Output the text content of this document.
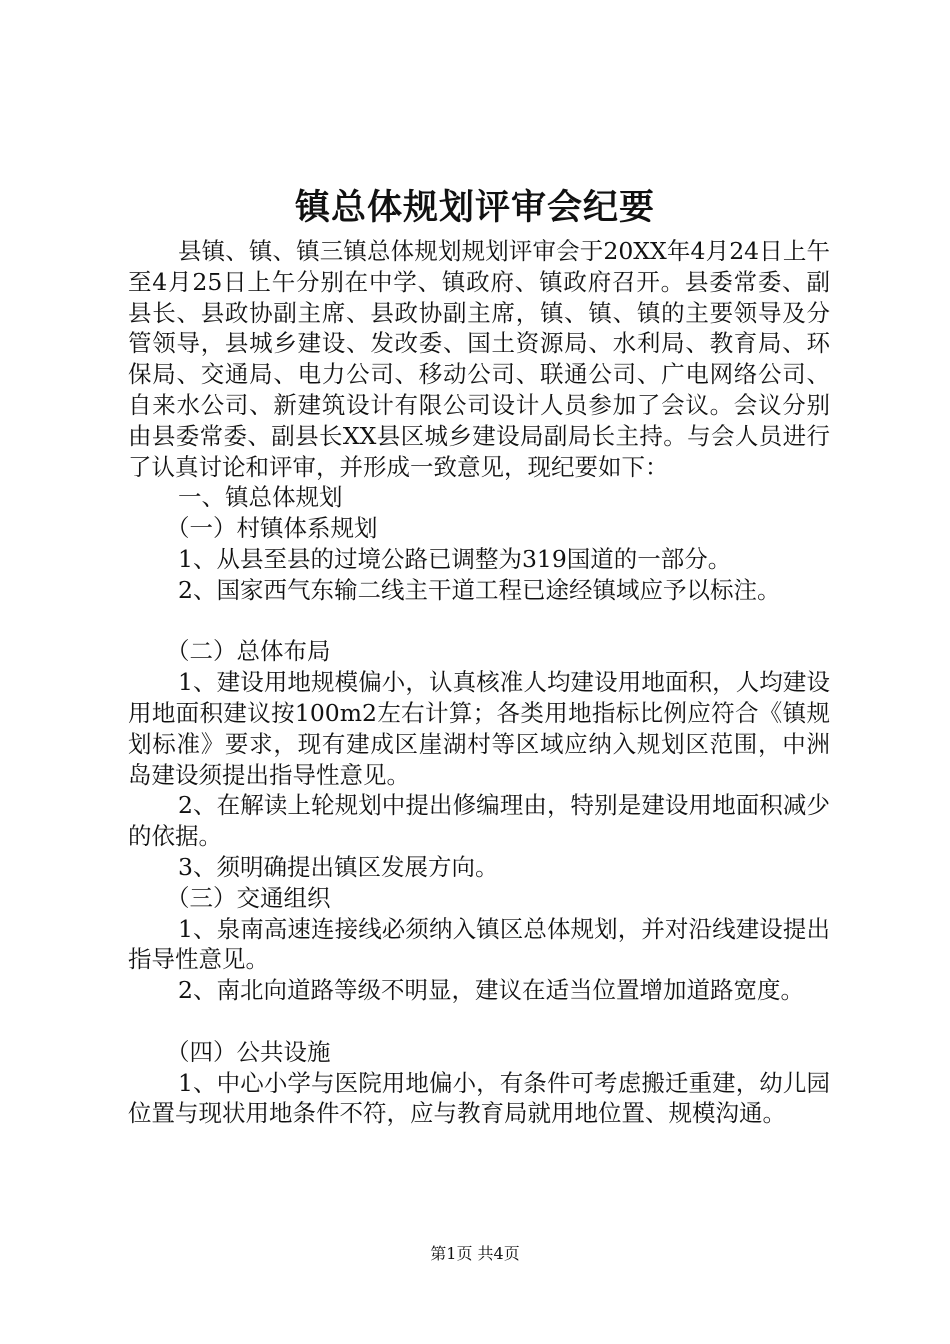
镇总体规划评审会纪要

县镇、镇、镇三镇总体规划规划评审会于20XX年4月24日上午至4月25日上午分别在中学、镇政府、镇政府召开。县委常委、副县长、县政协副主席、县政协副主席，镇、镇、镇的主要领导及分管领导，县城乡建设、发改委、国土资源局、水利局、教育局、环保局、交通局、电力公司、移动公司、联通公司、广电网络公司、自来水公司、新建筑设计有限公司设计人员参加了会议。会议分别由县委常委、副县长XX县区城乡建设局副局长主持。与会人员进行了认真讨论和评审，并形成一致意见，现纪要如下：

一、镇总体规划

（一）村镇体系规划

1、从县至县的过境公路已调整为319国道的一部分。

2、国家西气东输二线主干道工程已途经镇域应予以标注。

（二）总体布局

1、建设用地规模偏小，认真核准人均建设用地面积，人均建设用地面积建议按100m2左右计算；各类用地指标比例应符合《镇规划标准》要求，现有建成区崖湖村等区域应纳入规划区范围，中洲岛建设须提出指导性意见。

2、在解读上轮规划中提出修编理由，特别是建设用地面积减少的依据。

3、须明确提出镇区发展方向。

（三）交通组织

1、泉南高速连接线必须纳入镇区总体规划，并对沿线建设提出指导性意见。

2、南北向道路等级不明显，建议在适当位置增加道路宽度。

（四）公共设施

1、中心小学与医院用地偏小，有条件可考虑搬迁重建，幼儿园位置与现状用地条件不符，应与教育局就用地位置、规模沟通。

第1页 共4页
